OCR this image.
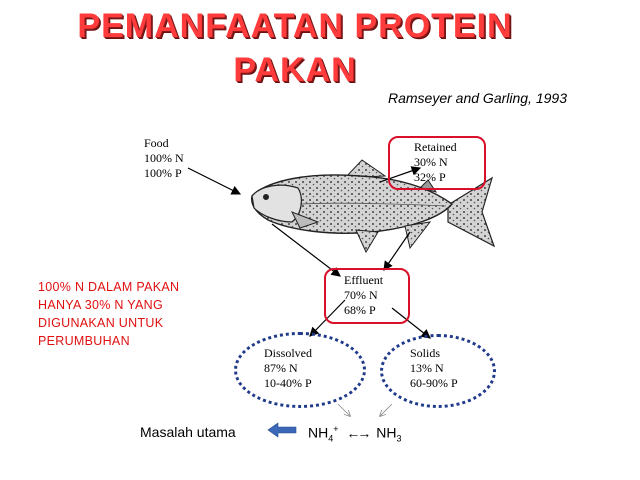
PEMANFAATAN PROTEIN
PAKAN
Ramseyer and Garling, 1993
Food
100% N
100% P
Retained
30% N
32% P
Effluent
70% N
68% P
Dissolved
87% N
10-40% P
Solids
13% N
60-90% P
100% N DALAM PAKAN
HANYA 30% N YANG
DIGUNAKAN UNTUK
PERUMBUHAN
Masalah utama	$NH_4^+$ ←→ $NH_3$
